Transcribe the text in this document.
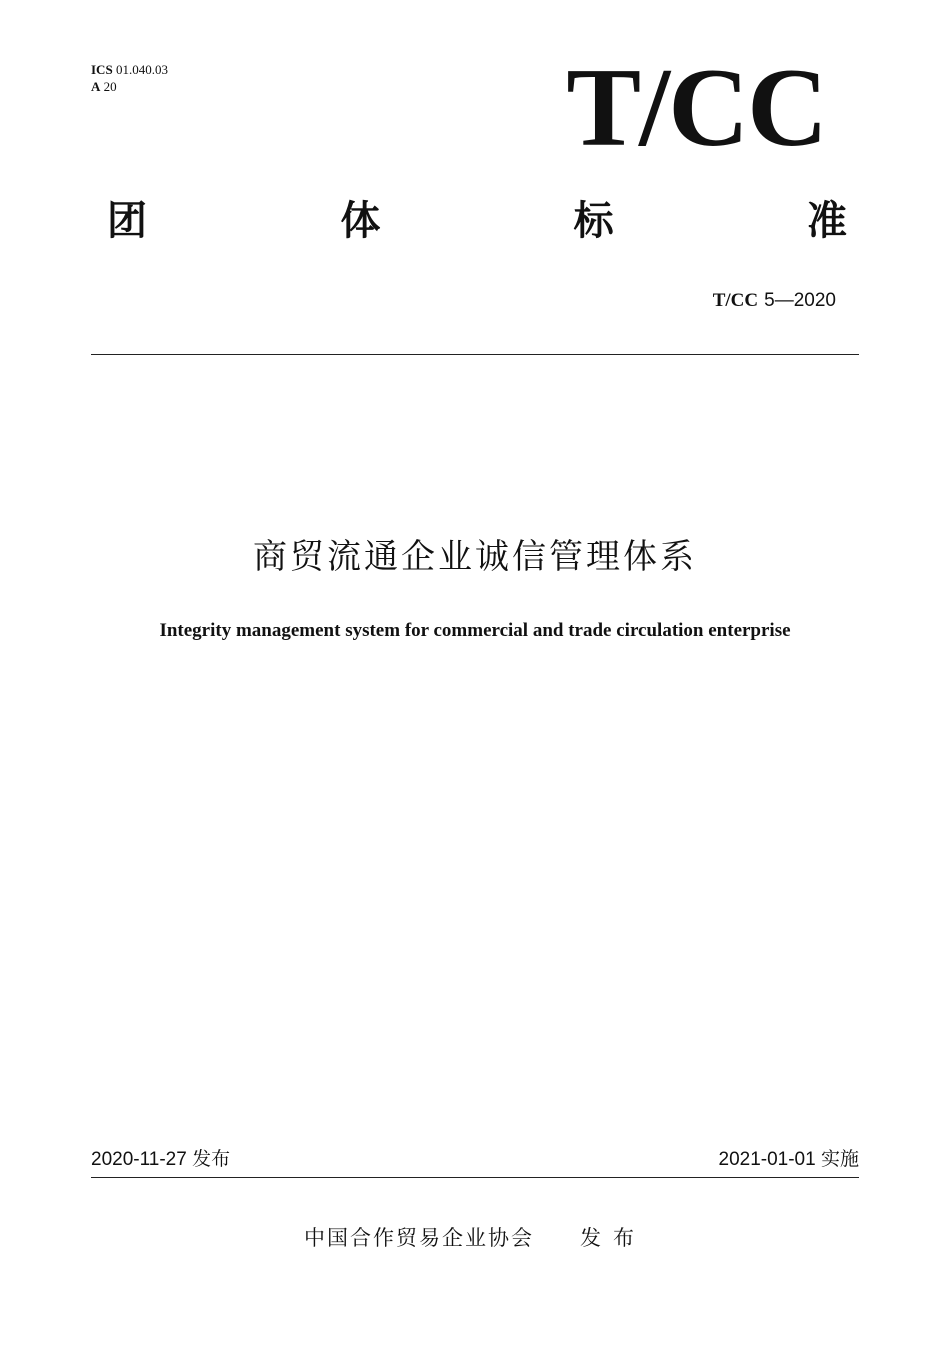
ICS 01.040.03
A 20	T/CC
团	体	标	准
T/CC 5—2020
商贸流通企业诚信管理体系
Integrity management system for commercial and trade circulation enterprise
2020-11-27 发布	2021-01-01 实施
中国合作贸易企业协会 发布
